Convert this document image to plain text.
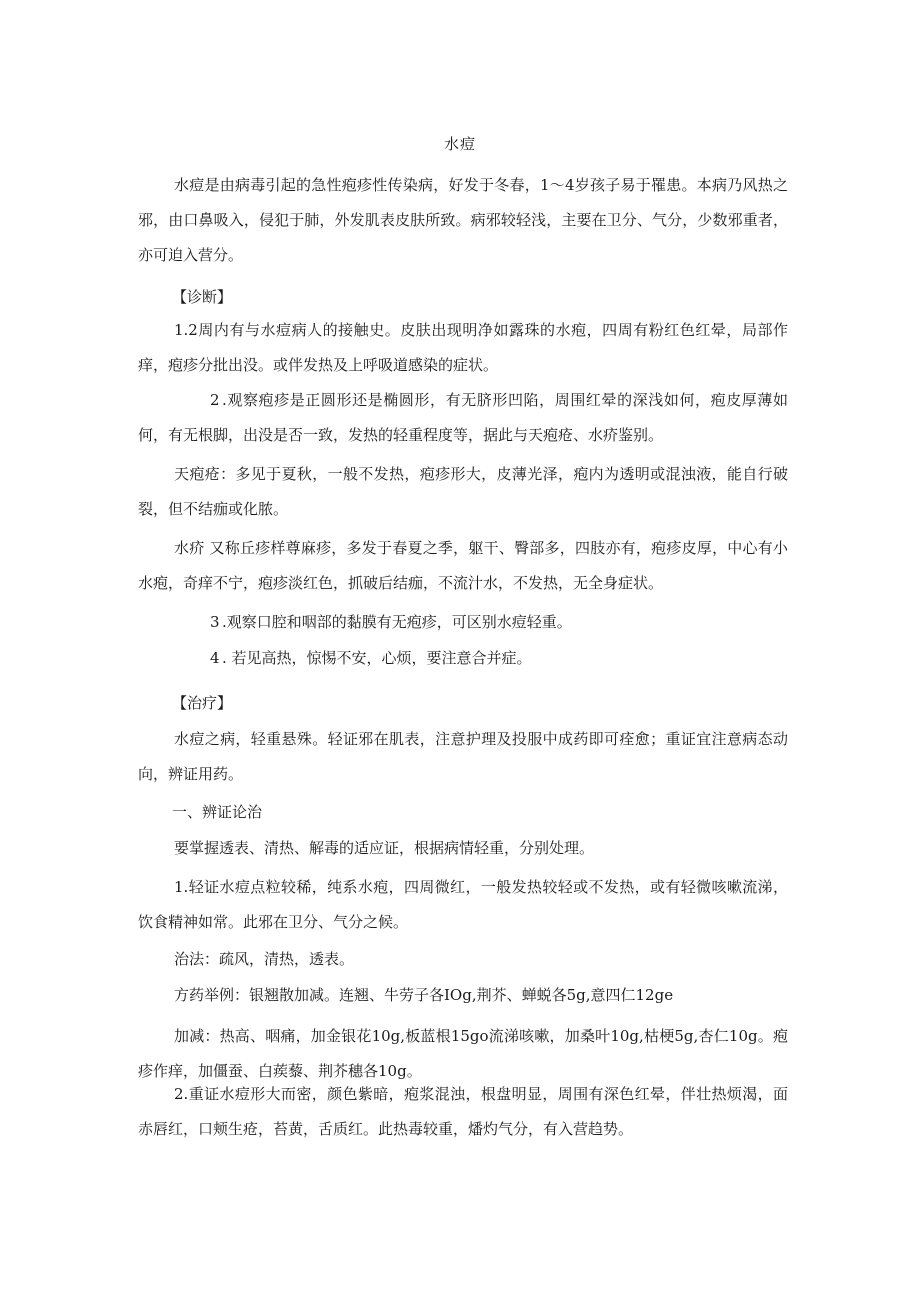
水痘

水痘是由病毒引起的急性疱疹性传染病，好发于冬春，1～4岁孩子易于罹患。本病乃风热之邪，由口鼻吸入，侵犯于肺，外发肌表皮肤所致。病邪较轻浅，主要在卫分、气分，少数邪重者，亦可迫入营分。

【诊断】

1.2周内有与水痘病人的接触史。皮肤出现明净如露珠的水疱，四周有粉红色红晕，局部作痒，疱疹分批出没。或伴发热及上呼吸道感染的症状。

2 .观察疱疹是正圆形还是椭圆形，有无脐形凹陷，周围红晕的深浅如何，疱皮厚薄如何，有无根脚，出没是否一致，发热的轻重程度等，据此与天疱疮、水疥鉴别。

天疱疮：多见于夏秋，一般不发热，疱疹形大，皮薄光泽，疱内为透明或混浊液，能自行破裂，但不结痂或化脓。

水疥 又称丘疹样尊麻疹，多发于春夏之季，躯干、臀部多，四肢亦有，疱疹皮厚，中心有小水疱，奇痒不宁，疱疹淡红色，抓破后结痂，不流汁水，不发热，无全身症状。

3 .观察口腔和咽部的黏膜有无疱疹，可区别水痘轻重。

4 . 若见高热，惊惕不安，心烦，要注意合并症。

【治疗】

水痘之病，轻重悬殊。轻证邪在肌表，注意护理及投服中成药即可痊愈；重证宜注意病态动向，辨证用药。

一、辨证论治

要掌握透表、清热、解毒的适应证，根据病情轻重，分别处理。

1.轻证水痘点粒较稀，纯系水疱，四周微红，一般发热较轻或不发热，或有轻微咳嗽流涕，饮食精神如常。此邪在卫分、气分之候。

治法：疏风，清热，透表。

方药举例：银翘散加减。连翘、牛劳子各IOg,荆芥、蝉蜕各5g,意四仁12ge

加减：热高、咽痛，加金银花10g,板蓝根15go流涕咳嗽，加桑叶10g,枯梗5g,杏仁10g。疱疹作痒，加僵蚕、白蒺藜、荆芥穗各10g。

2.重证水痘形大而密，颜色紫暗，疱浆混浊，根盘明显，周围有深色红晕，伴壮热烦渴，面赤唇红，口颊生疮，苔黄，舌质红。此热毒较重，燔灼气分，有入营趋势。
